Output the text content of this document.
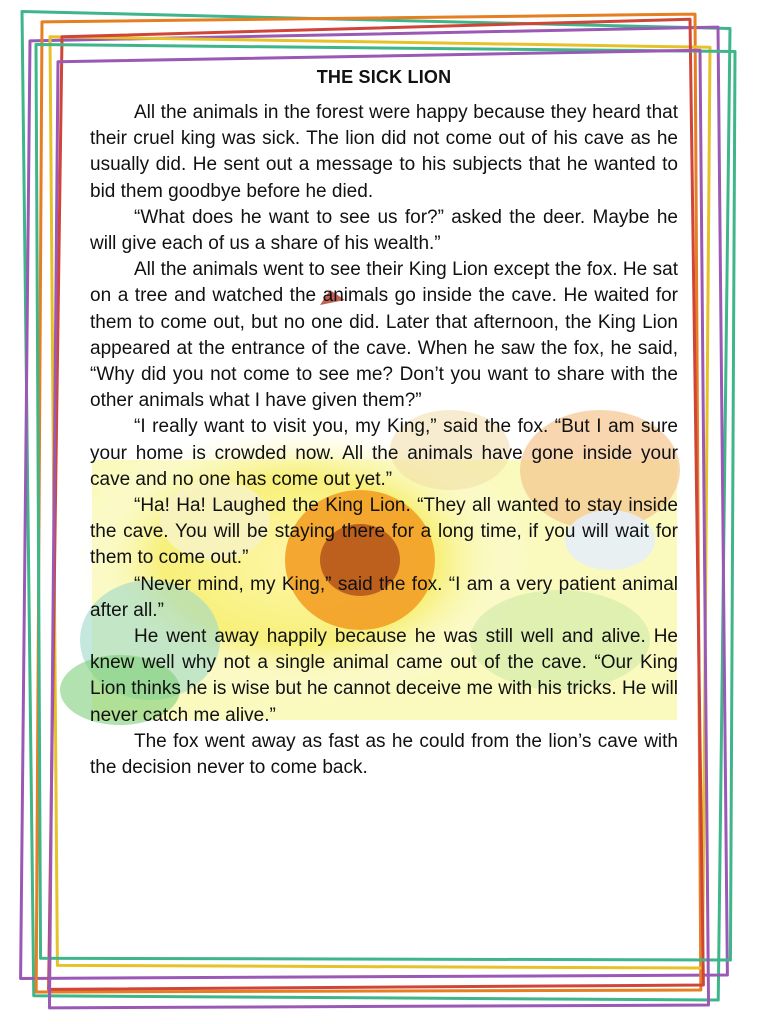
THE SICK LION

All the animals in the forest were happy because they heard that their cruel king was sick. The lion did not come out of his cave as he usually did. He sent out a message to his subjects that he wanted to bid them goodbye before he died.

“What does he want to see us for?” asked the deer. Maybe he will give each of us a share of his wealth.”

All the animals went to see their King Lion except the fox. He sat on a tree and watched the animals go inside the cave. He waited for them to come out, but no one did. Later that afternoon, the King Lion appeared at the entrance of the cave. When he saw the fox, he said, “Why did you not come to see me? Don’t you want to share with the other animals what I have given them?”

“I really want to visit you, my King,” said the fox. “But I am sure your home is crowded now. All the animals have gone inside your cave and no one has come out yet.”

“Ha! Ha! Laughed the King Lion. “They all wanted to stay inside the cave. You will be staying there for a long time, if you will wait for them to come out.”

“Never mind, my King,” said the fox. “I am a very patient animal after all.”

He went away happily because he was still well and alive. He knew well why not a single animal came out of the cave. “Our King Lion thinks he is wise but he cannot deceive me with his tricks. He will never catch me alive.”

The fox went away as fast as he could from the lion’s cave with the decision never to come back.
